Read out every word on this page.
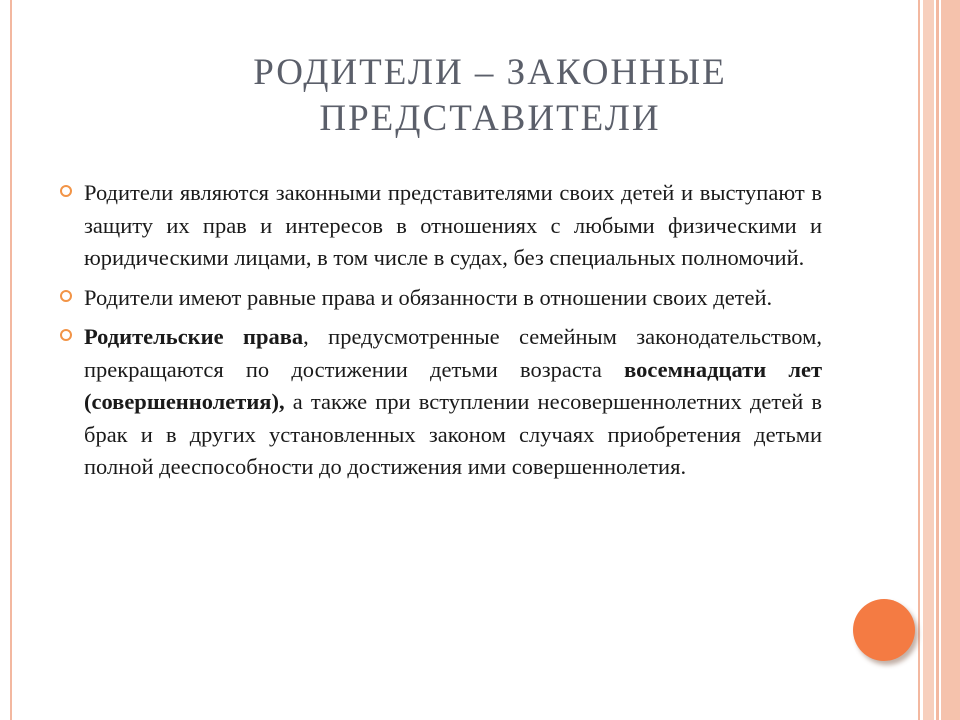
РОДИТЕЛИ – ЗАКОННЫЕ
ПРЕДСТАВИТЕЛИ
Родители являются законными представителями своих детей и выступают в защиту их прав и интересов в отношениях с любыми физическими и юридическими лицами, в том числе в судах, без специальных полномочий.
Родители имеют равные права и обязанности в отношении своих детей.
Родительские права, предусмотренные семейным законодательством, прекращаются по достижении детьми возраста восемнадцати лет (совершеннолетия), а также при вступлении несовершеннолетних детей в брак и в других установленных законом случаях приобретения детьми полной дееспособности до достижения ими совершеннолетия.
